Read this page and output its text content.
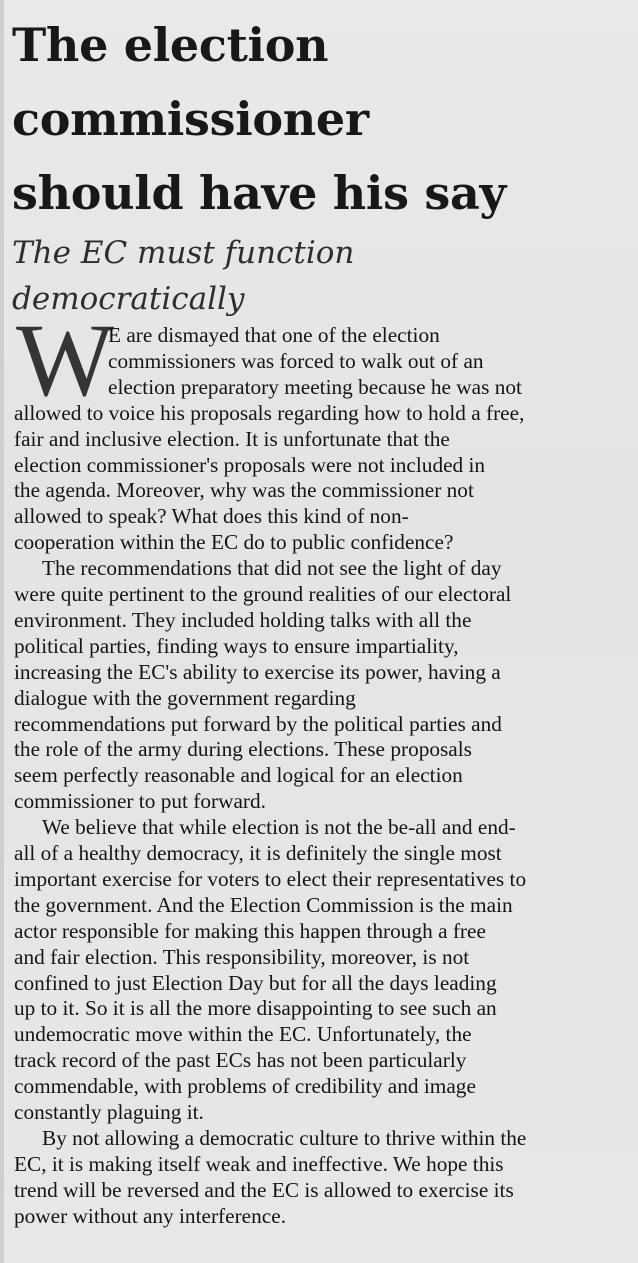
The election
commissioner
should have his say
The EC must function
democratically
W
E are dismayed that one of the election
commissioners was forced to walk out of an
election preparatory meeting because he was not
allowed to voice his proposals regarding how to hold a free,
fair and inclusive election. It is unfortunate that the
election commissioner's proposals were not included in
the agenda. Moreover, why was the commissioner not
allowed to speak? What does this kind of non-
cooperation within the EC do to public confidence?
The recommendations that did not see the light of day
were quite pertinent to the ground realities of our electoral
environment. They included holding talks with all the
political parties, finding ways to ensure impartiality,
increasing the EC's ability to exercise its power, having a
dialogue with the government regarding
recommendations put forward by the political parties and
the role of the army during elections. These proposals
seem perfectly reasonable and logical for an election
commissioner to put forward.
We believe that while election is not the be-all and end-
all of a healthy democracy, it is definitely the single most
important exercise for voters to elect their representatives to
the government. And the Election Commission is the main
actor responsible for making this happen through a free
and fair election. This responsibility, moreover, is not
confined to just Election Day but for all the days leading
up to it. So it is all the more disappointing to see such an
undemocratic move within the EC. Unfortunately, the
track record of the past ECs has not been particularly
commendable, with problems of credibility and image
constantly plaguing it.
By not allowing a democratic culture to thrive within the
EC, it is making itself weak and ineffective. We hope this
trend will be reversed and the EC is allowed to exercise its
power without any interference.
